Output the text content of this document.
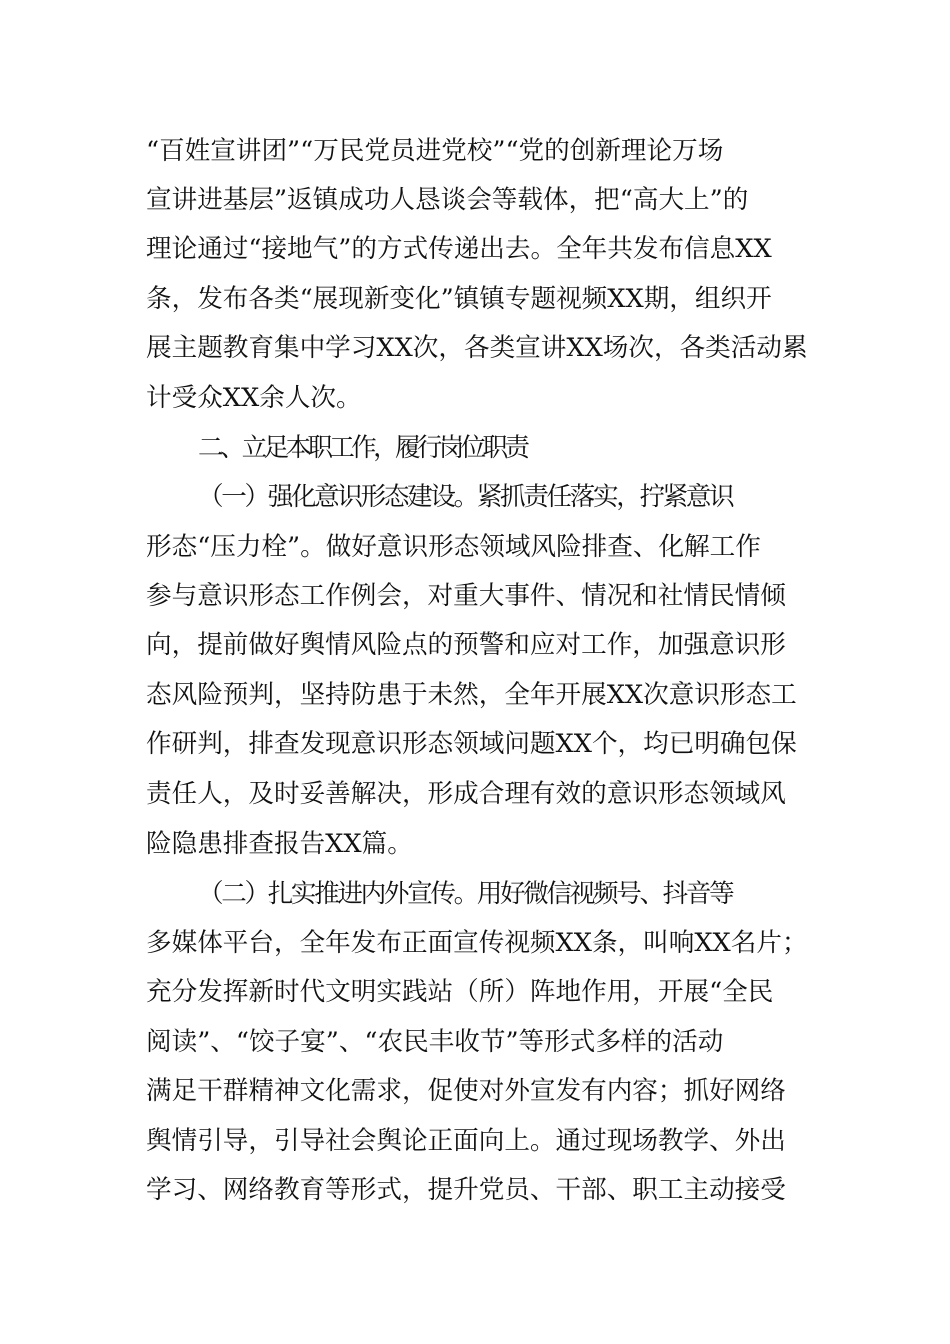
“百姓宣讲团”“万民党员进党校”“党的创新理论万场
宣讲进基层”返镇成功人恳谈会等载体，把“高大上”的
理论通过“接地气”的方式传递出去。全年共发布信息XX
条，发布各类“展现新变化”镇镇专题视频XX期，组织开
展主题教育集中学习XX次，各类宣讲XX场次，各类活动累
计受众XX余人次。
二、立足本职工作，履行岗位职责
（一）强化意识形态建设。紧抓责任落实，拧紧意识
形态“压力栓”。做好意识形态领域风险排查、化解工作
参与意识形态工作例会，对重大事件、情况和社情民情倾
向，提前做好舆情风险点的预警和应对工作，加强意识形
态风险预判，坚持防患于未然，全年开展XX次意识形态工
作研判，排查发现意识形态领域问题XX个，均已明确包保
责任人，及时妥善解决，形成合理有效的意识形态领域风
险隐患排查报告XX篇。
（二）扎实推进内外宣传。用好微信视频号、抖音等
多媒体平台，全年发布正面宣传视频XX条，叫响XX名片；
充分发挥新时代文明实践站（所）阵地作用，开展“全民
阅读”、“饺子宴”、“农民丰收节”等形式多样的活动
满足干群精神文化需求，促使对外宣发有内容；抓好网络
舆情引导，引导社会舆论正面向上。通过现场教学、外出
学习、网络教育等形式，提升党员、干部、职工主动接受
